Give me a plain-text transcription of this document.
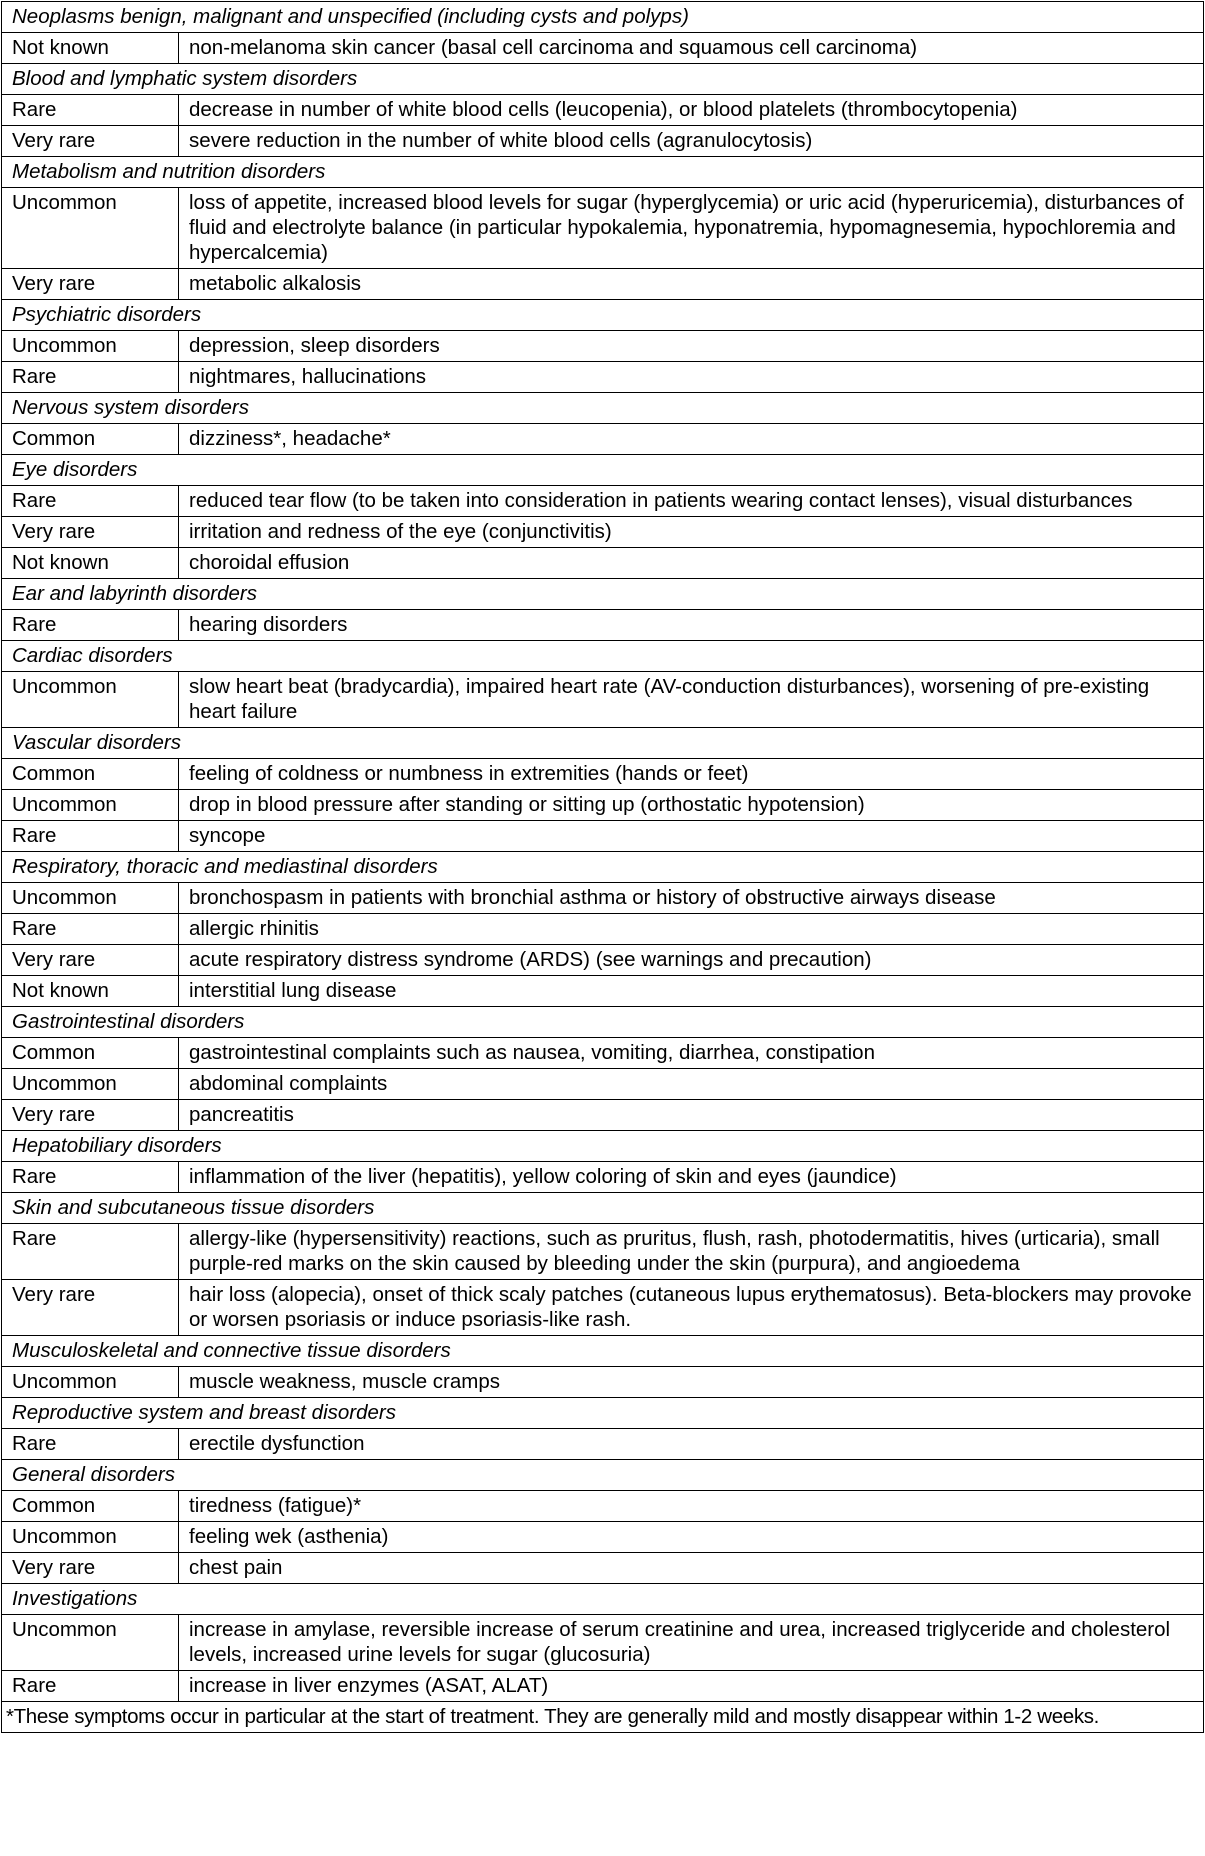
Neoplasms benign, malignant and unspecified (including cysts and polyps)	
Not known	non-melanoma skin cancer (basal cell carcinoma and squamous cell carcinoma)
Blood and lymphatic system disorders	
Rare	decrease in number of white blood cells (leucopenia), or blood platelets (thrombocytopenia)
Very rare	severe reduction in the number of white blood cells (agranulocytosis)
Metabolism and nutrition disorders	
Uncommon	loss of appetite, increased blood levels for sugar (hyperglycemia) or uric acid (hyperuricemia), disturbances of fluid and electrolyte balance (in particular hypokalemia, hyponatremia, hypomagnesemia, hypochloremia and hypercalcemia)
Very rare	metabolic alkalosis
Psychiatric disorders	
Uncommon	depression, sleep disorders
Rare	nightmares, hallucinations
Nervous system disorders	
Common	dizziness*, headache*
Eye disorders	
Rare	reduced tear flow (to be taken into consideration in patients wearing contact lenses), visual disturbances
Very rare	irritation and redness of the eye (conjunctivitis)
Not known	choroidal effusion
Ear and labyrinth disorders	
Rare	hearing disorders
Cardiac disorders	
Uncommon	slow heart beat (bradycardia), impaired heart rate (AV-conduction disturbances), worsening of pre-existing heart failure
Vascular disorders	
Common	feeling of coldness or numbness in extremities (hands or feet)
Uncommon	drop in blood pressure after standing or sitting up (orthostatic hypotension)
Rare	syncope
Respiratory, thoracic and mediastinal disorders	
Uncommon	bronchospasm in patients with bronchial asthma or history of obstructive airways disease
Rare	allergic rhinitis
Very rare	acute respiratory distress syndrome (ARDS) (see warnings and precaution)
Not known	interstitial lung disease
Gastrointestinal disorders	
Common	gastrointestinal complaints such as nausea, vomiting, diarrhea, constipation
Uncommon	abdominal complaints
Very rare	pancreatitis
Hepatobiliary disorders	
Rare	inflammation of the liver (hepatitis), yellow coloring of skin and eyes (jaundice)
Skin and subcutaneous tissue disorders	
Rare	allergy-like (hypersensitivity) reactions, such as pruritus, flush, rash, photodermatitis, hives (urticaria), small purple-red marks on the skin caused by bleeding under the skin (purpura), and angioedema
Very rare	hair loss (alopecia), onset of thick scaly patches (cutaneous lupus erythematosus). Beta-blockers may provoke or worsen psoriasis or induce psoriasis-like rash.
Musculoskeletal and connective tissue disorders	
Uncommon	muscle weakness, muscle cramps
Reproductive system and breast disorders	
Rare	erectile dysfunction
General disorders	
Common	tiredness (fatigue)*
Uncommon	feeling wek (asthenia)
Very rare	chest pain
Investigations	
Uncommon	increase in amylase, reversible increase of serum creatinine and urea, increased triglyceride and cholesterol levels, increased urine levels for sugar (glucosuria)
Rare	increase in liver enzymes (ASAT, ALAT)
*These symptoms occur in particular at the start of treatment. They are generally mild and mostly disappear within 1-2 weeks.	
